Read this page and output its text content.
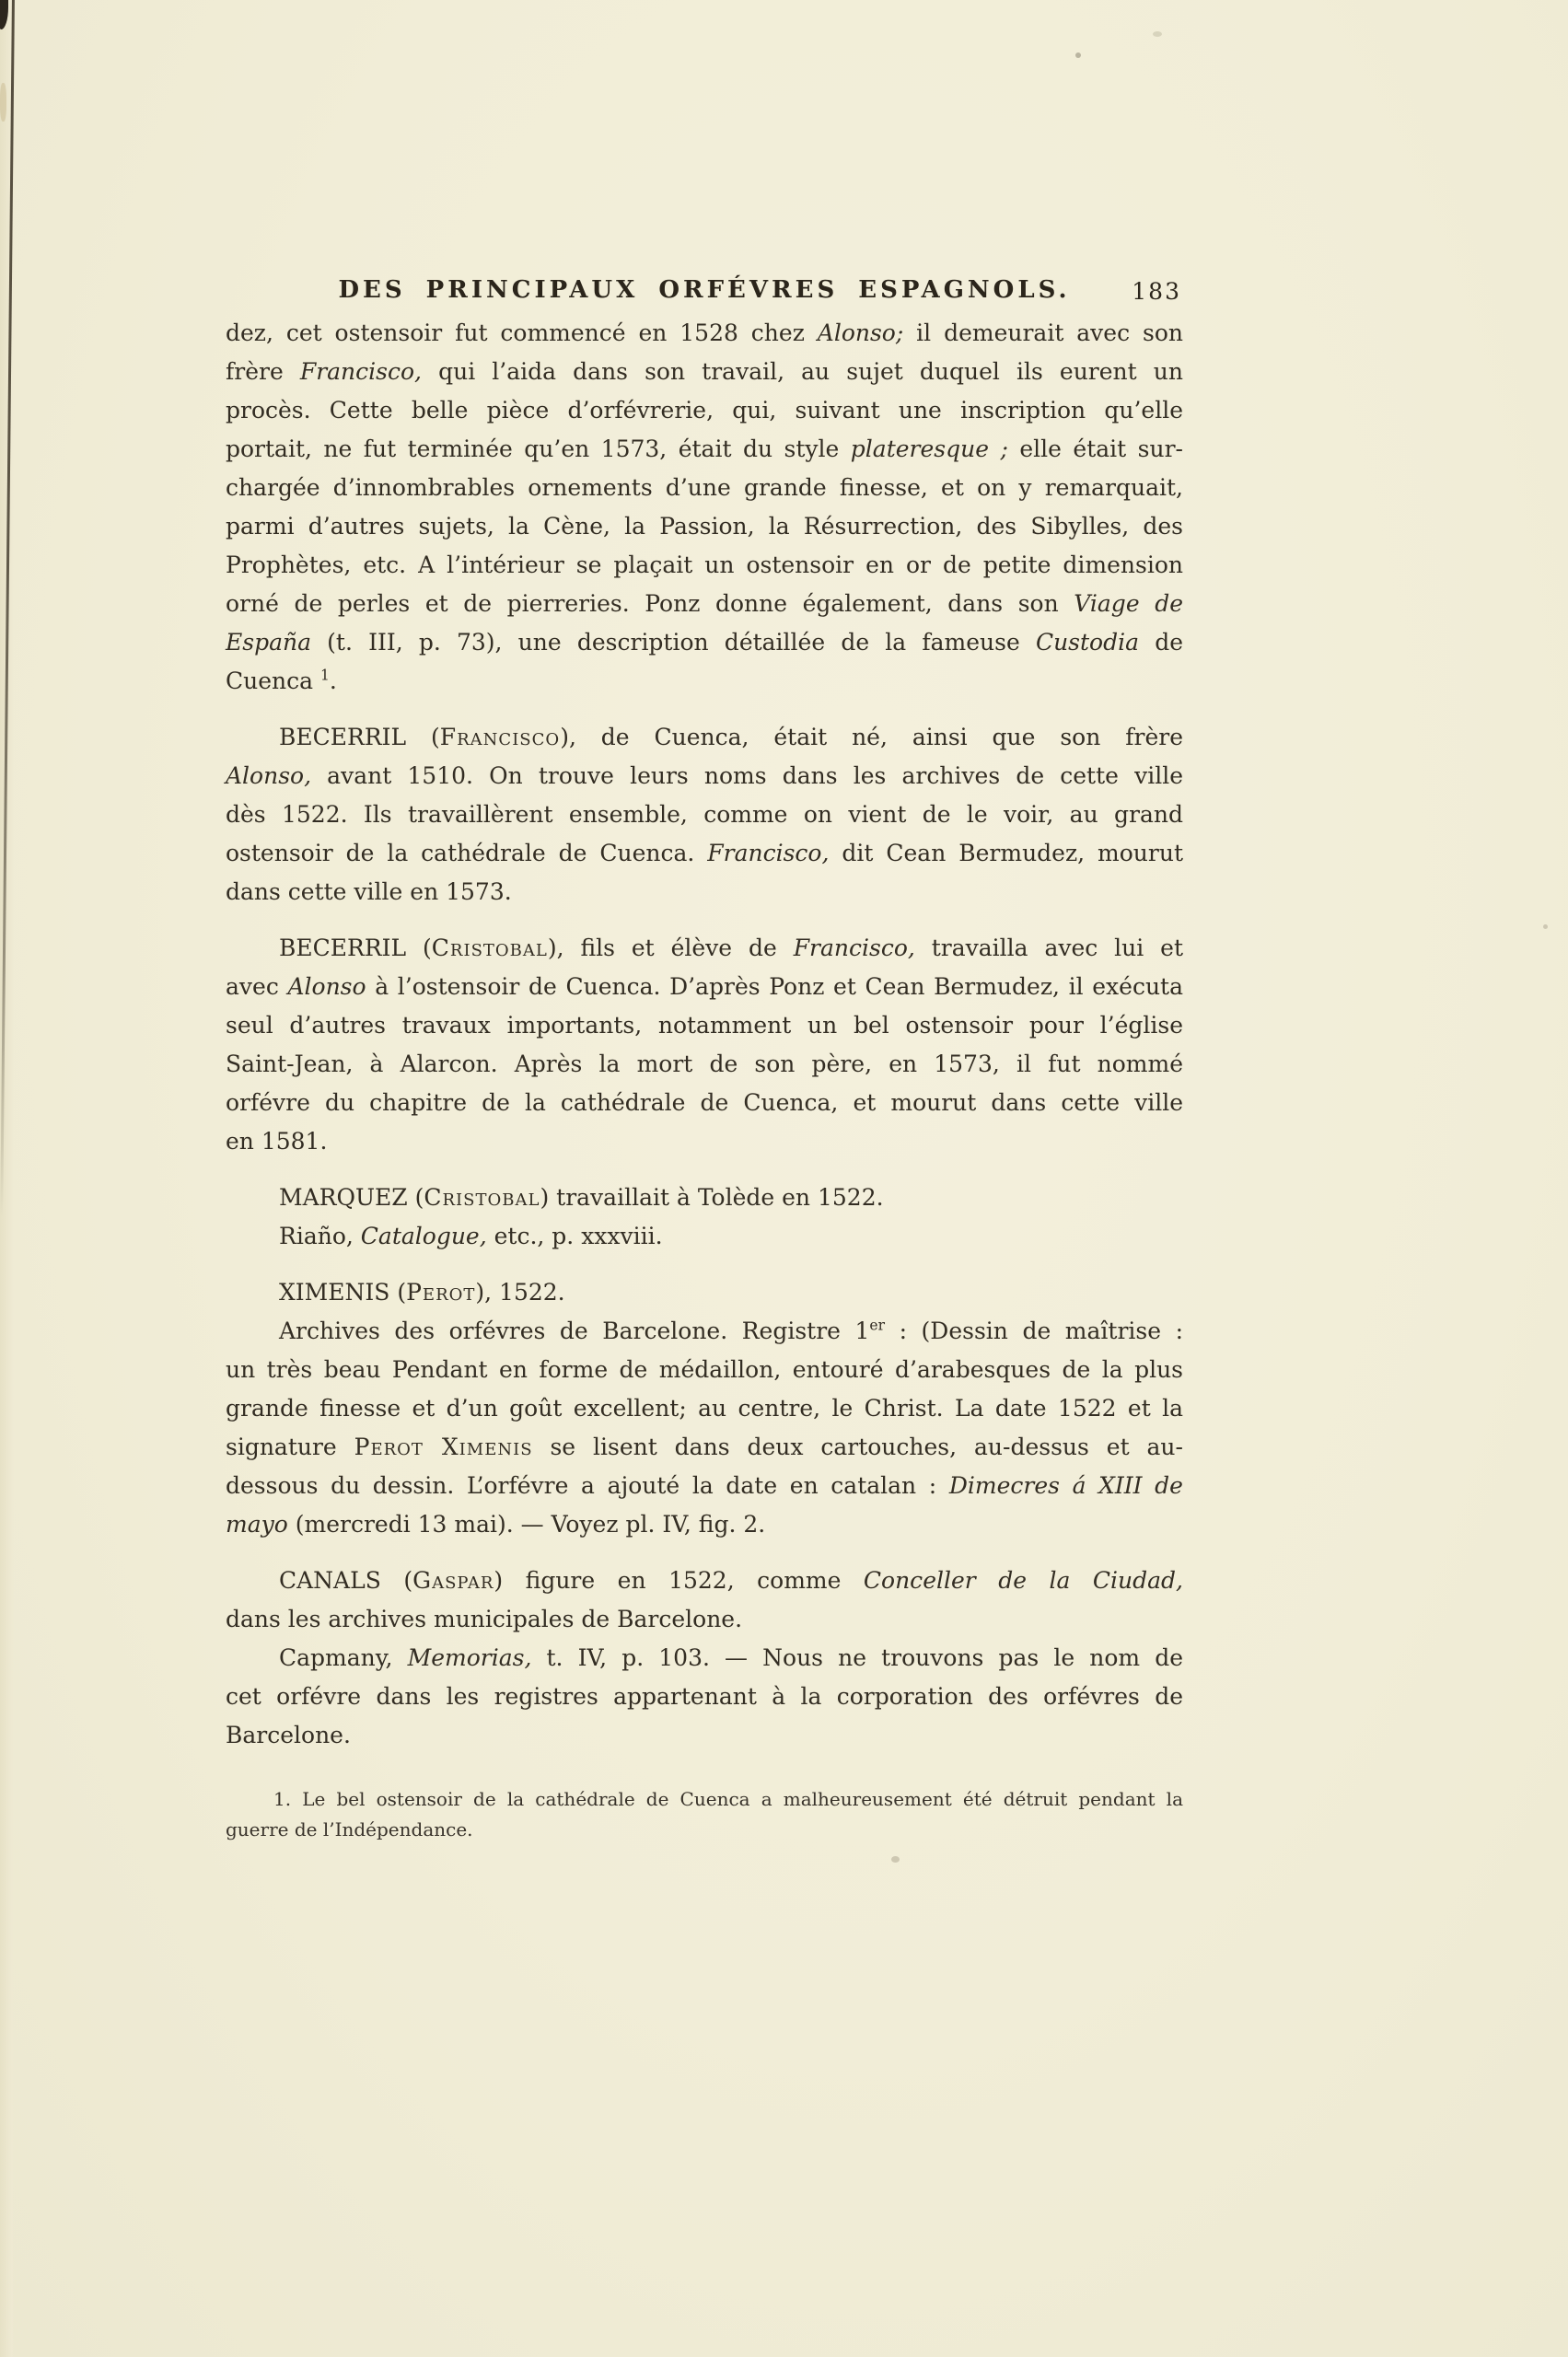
DES PRINCIPAUX ORFÉVRES ESPAGNOLS.	183
dez, cet ostensoir fut commencé en 1528 chez Alonso; il demeurait avec son
frère Francisco, qui l’aida dans son travail, au sujet duquel ils eurent un
procès. Cette belle pièce d’orfévrerie, qui, suivant une inscription qu’elle
portait, ne fut terminée qu’en 1573, était du style plateresque ; elle était sur-
chargée d’innombrables ornements d’une grande finesse, et on y remarquait,
parmi d’autres sujets, la Cène, la Passion, la Résurrection, des Sibylles, des
Prophètes, etc. A l’intérieur se plaçait un ostensoir en or de petite dimension
orné de perles et de pierreries. Ponz donne également, dans son Viage de
España (t. III, p. 73), une description détaillée de la fameuse Custodia de
Cuenca $^1$.
BECERRIL (Francisco), de Cuenca, était né, ainsi que son frère
Alonso, avant 1510. On trouve leurs noms dans les archives de cette ville
dès 1522. Ils travaillèrent ensemble, comme on vient de le voir, au grand
ostensoir de la cathédrale de Cuenca. Francisco, dit Cean Bermudez, mourut
dans cette ville en 1573.
BECERRIL (Cristobal), fils et élève de Francisco, travailla avec lui et
avec Alonso à l’ostensoir de Cuenca. D’après Ponz et Cean Bermudez, il exécuta
seul d’autres travaux importants, notamment un bel ostensoir pour l’église
Saint-Jean, à Alarcon. Après la mort de son père, en 1573, il fut nommé
orfévre du chapitre de la cathédrale de Cuenca, et mourut dans cette ville
en 1581.
MARQUEZ (Cristobal) travaillait à Tolède en 1522.
Riaño, Catalogue, etc., p. xxxviii.
XIMENIS (Perot), 1522.
Archives des orfévres de Barcelone. Registre 1er : (Dessin de maîtrise :
un très beau Pendant en forme de médaillon, entouré d’arabesques de la plus
grande finesse et d’un goût excellent; au centre, le Christ. La date 1522 et la
signature Perot Ximenis se lisent dans deux cartouches, au-dessus et au-
dessous du dessin. L’orfévre a ajouté la date en catalan : Dimecres á XIII de
mayo (mercredi 13 mai). — Voyez pl. IV, fig. 2.
CANALS (Gaspar) figure en 1522, comme Conceller de la Ciudad,
dans les archives municipales de Barcelone.
Capmany, Memorias, t. IV, p. 103. — Nous ne trouvons pas le nom de
cet orfévre dans les registres appartenant à la corporation des orfévres de
Barcelone.
1. Le bel ostensoir de la cathédrale de Cuenca a malheureusement été détruit pendant la
guerre de l’Indépendance.
